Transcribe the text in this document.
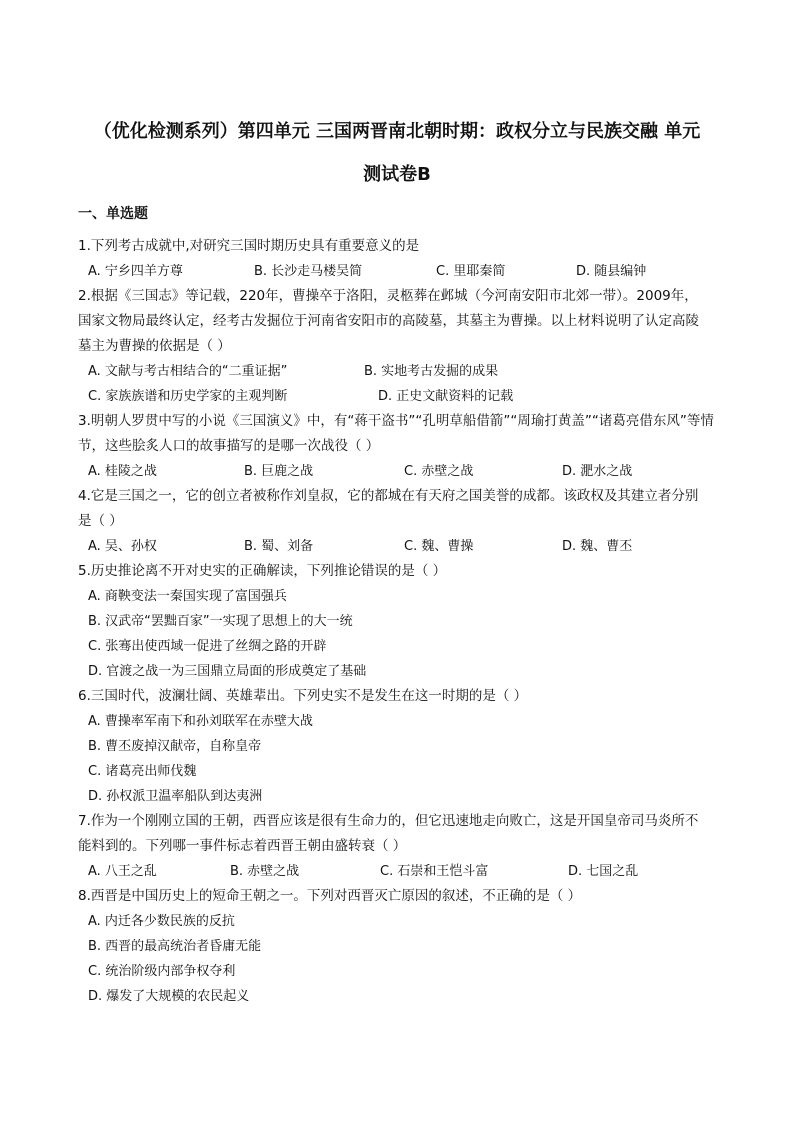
（优化检测系列）第四单元 三国两晋南北朝时期：政权分立与民族交融 单元
测试卷B
一、单选题

1.下列考古成就中,对研究三国时期历史具有重要意义的是

A. 宁乡四羊方尊	B. 长沙走马楼吴简	C. 里耶秦简	D. 随县编钟

2.根据《三国志》等记载，220年，曹操卒于洛阳，灵柩葬在邺城（今河南安阳市北郊一带）。2009年，

国家文物局最终认定，经考古发掘位于河南省安阳市的高陵墓，其墓主为曹操。以上材料说明了认定高陵

墓主为曹操的依据是（ ）

A. 文献与考古相结合的“二重证据”	B. 实地考古发掘的成果
C. 家族族谱和历史学家的主观判断	D. 正史文献资料的记载

3.明朝人罗贯中写的小说《三国演义》中，有“蒋干盗书”“孔明草船借箭”“周瑜打黄盖”“诸葛亮借东风”等情

节，这些脍炙人口的故事描写的是哪一次战役（ ）

A. 桂陵之战	B. 巨鹿之战	C. 赤壁之战	D. 淝水之战

4.它是三国之一，它的创立者被称作刘皇叔，它的都城在有天府之国美誉的成都。该政权及其建立者分别

是（ ）

A. 吴、孙权	B. 蜀、刘备	C. 魏、曹操	D. 魏、曹丕

5.历史推论离不开对史实的正确解读，下列推论错误的是（ ）

A. 商鞅变法一秦国实现了富国强兵
B. 汉武帝“罢黜百家”一实现了思想上的大一统
C. 张骞出使西域一促进了丝绸之路的开辟
D. 官渡之战一为三国鼎立局面的形成奠定了基础

6.三国时代，波澜壮阔、英雄辈出。下列史实不是发生在这一时期的是（ ）

A. 曹操率军南下和孙刘联军在赤壁大战
B. 曹丕废掉汉献帝，自称皇帝
C. 诸葛亮出师伐魏
D. 孙权派卫温率船队到达夷洲

7.作为一个刚刚立国的王朝，西晋应该是很有生命力的，但它迅速地走向败亡，这是开国皇帝司马炎所不

能料到的。下列哪一事件标志着西晋王朝由盛转衰（ ）

A. 八王之乱	B. 赤壁之战	C. 石崇和王恺斗富	D. 七国之乱

8.西晋是中国历史上的短命王朝之一。下列对西晋灭亡原因的叙述，不正确的是（ ）

A. 内迁各少数民族的反抗
B. 西晋的最高统治者昏庸无能
C. 统治阶级内部争权夺利
D. 爆发了大规模的农民起义
